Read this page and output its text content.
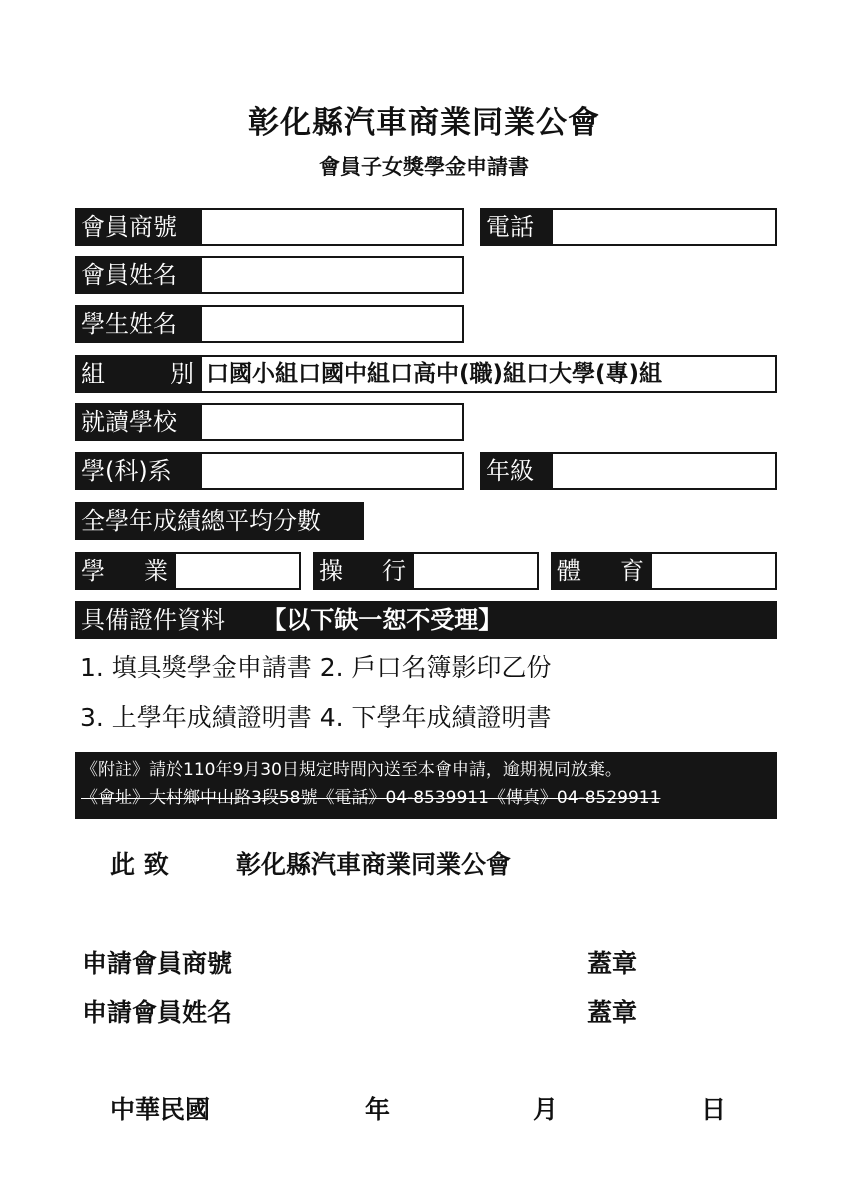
彰化縣汽車商業同業公會
會員子女獎學金申請書
會員商號	電話
會員姓名
學生姓名
組	別 口國小組口國中組口高中(職)組口大學(專)組
就讀學校
學(科)系	年級
全學年成績總平均分數
學 業	操 行	體 育
具備證件資料 【以下缺一恕不受理】
1. 填具獎學金申請書 2. 戶口名簿影印乙份
3. 上學年成績證明書 4. 下學年成績證明書
《附註》請於110年9月30日規定時間內送至本會申請，逾期視同放棄。
《會址》大村鄉中山路3段58號《電話》04-8539911《傳真》04-8529911
此 致	彰化縣汽車商業同業公會
申請會員商號	蓋章
申請會員姓名	蓋章
中華民國	年	月	日
